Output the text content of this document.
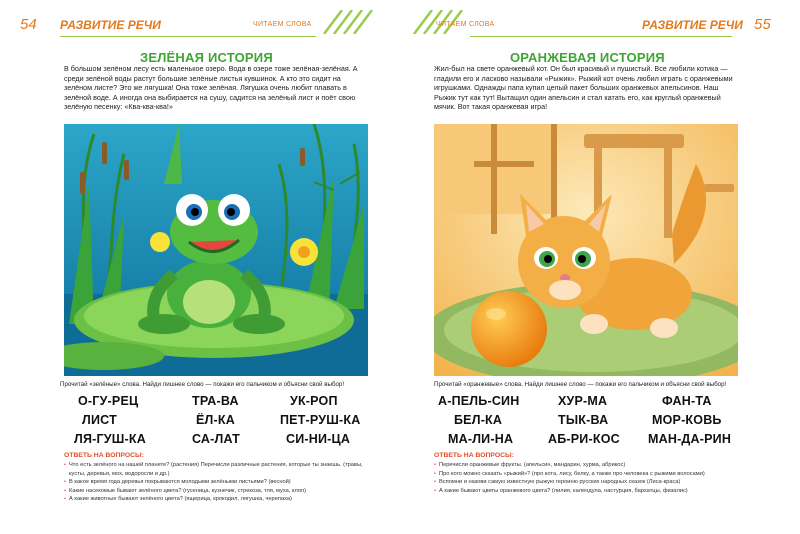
54 РАЗВИТИЕ РЕЧИ	ЧИТАЕМ СЛОВА
ЗЕЛЁНАЯ ИСТОРИЯ
В большом зелёном лесу есть маленькое озеро. Вода в озере тоже зелёная-зелёная. А среди зелёной воды растут большие зелёные листья кувшинок. А кто это сидит на зелёном листе? Это же лягушка! Она тоже зелёная. Лягушка очень любит плавать в зелёной воде. А иногда она выбирается на сушу, садится на зелёный лист и поёт свою зелёную песенку: «Ква-ква-ква!»
Прочитай «зелёные» слова. Найди лишнее слово — покажи его пальчиком и объясни свой выбор!
О-ГУ-РЕЦ	ТРА-ВА	УК-РОП
ЛИСТ	ЁЛ-КА	ПЕТ-РУШ-КА
ЛЯ-ГУШ-КА	СА-ЛАТ	СИ-НИ-ЦА
ОТВЕТЬ НА ВОПРОСЫ:
• Что есть зелёного на нашей планете? (растения) Перечисли различные растения, которые ты знаешь. (травы, кусты, деревья, мох, водоросли и др.)
• В какое время года деревья покрываются молодыми зелёными листьями? (весной)
• Какие насекомые бывают зелёного цвета? (гусеница, кузнечик, стрекоза, тля, муха, клоп)
• А какие животные бывают зелёного цвета? (ящерица, крокодил, лягушка, черепаха)
ЧИТАЕМ СЛОВА	РАЗВИТИЕ РЕЧИ 55
ОРАНЖЕВАЯ ИСТОРИЯ
Жил-был на свете оранжевый кот. Он был красивый и пушистый. Все любили котика — гладили его и ласково называли «Рыжик». Рыжий кот очень любил играть с оранжевыми игрушками. Однажды папа купил целый пакет больших оранжевых апельсинов. Наш Рыжик тут как тут! Вытащил один апельсин и стал катать его, как круглый оранжевый мячик. Вот такая оранжевая игра!
Прочитай «оранжевые» слова. Найди лишнее слово — покажи его пальчиком и объясни свой выбор!
А-ПЕЛЬ-СИН	ХУР-МА	ФАН-ТА
БЕЛ-КА	ТЫК-ВА	МОР-КОВЬ
МА-ЛИ-НА	АБ-РИ-КОС МАН-ДА-РИН
ОТВЕТЬ НА ВОПРОСЫ:
• Перечисли оранжевые фрукты. (апельсин, мандарин, хурма, абрикос)
• Про кого можно сказать «рыжий»? (про кота, лису, белку, а также про человека с рыжими волосами)
• Вспомни и назови самую известную рыжую героиню русских народных сказок (Лиса-краса)
• А какие бывают цветы оранжевого цвета? (лилия, календула, настурция, бархатцы, физалис)
